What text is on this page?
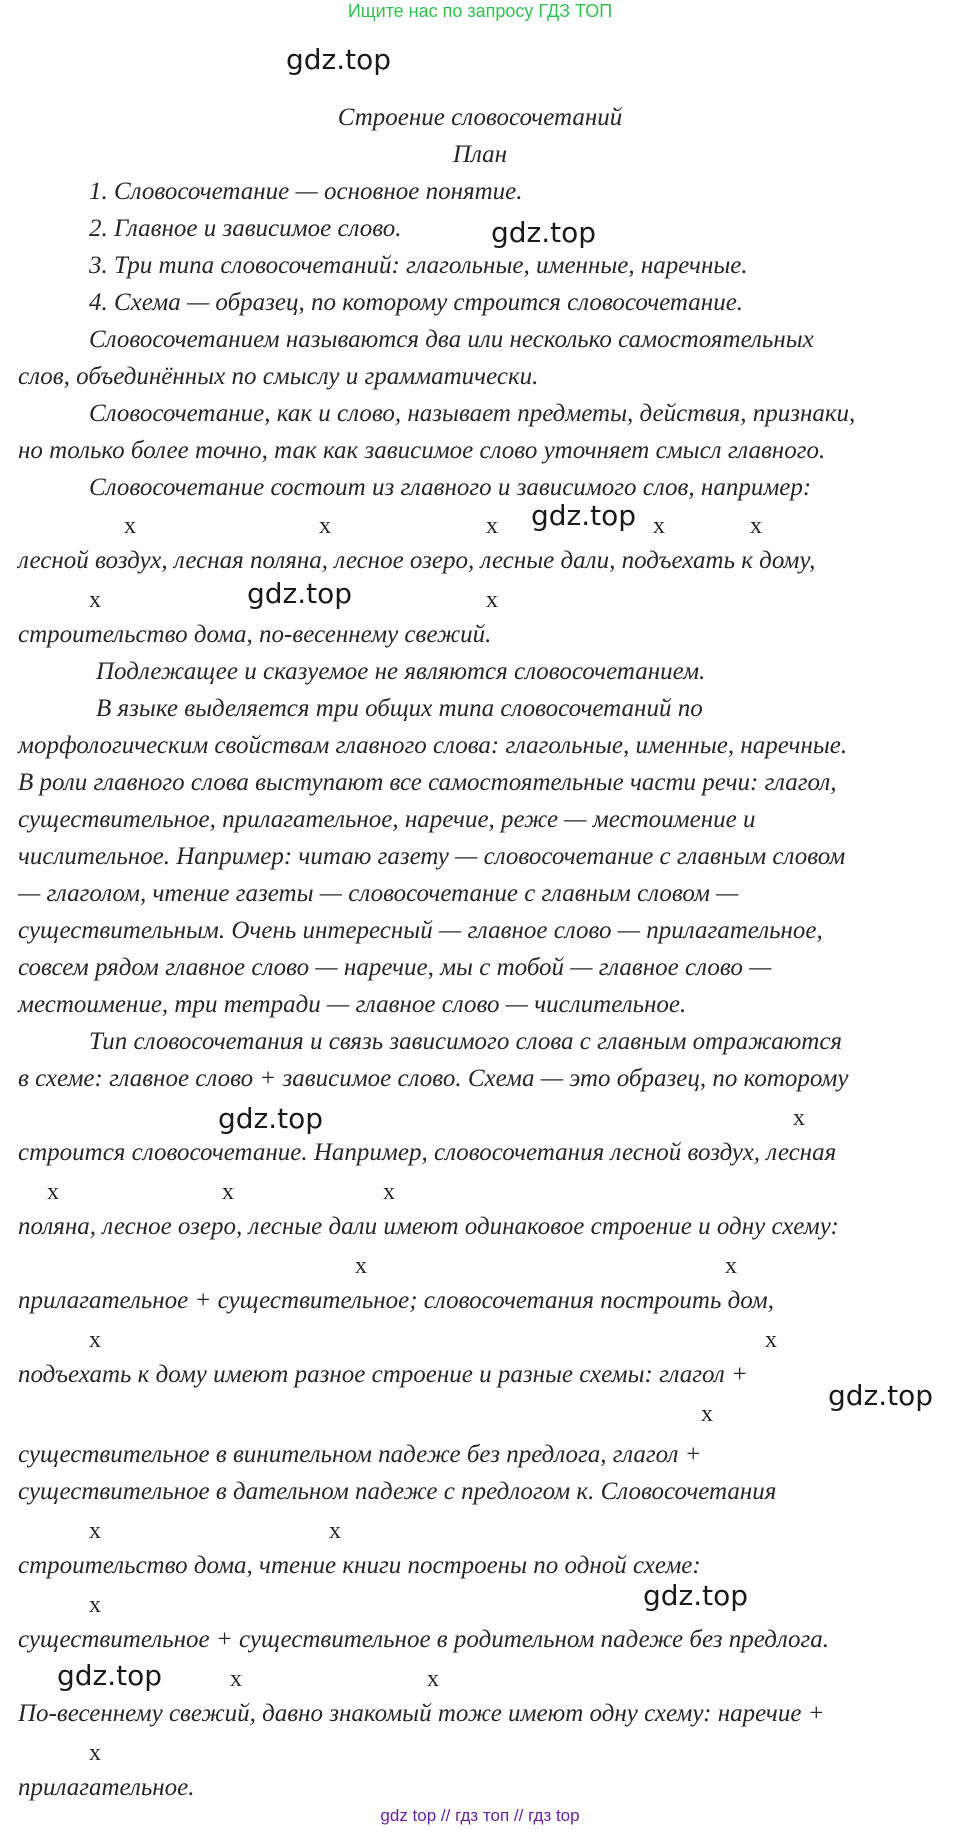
Ищите нас по запросу ГДЗ ТОП
gdz.top
gdz.top
gdz.top
gdz.top
gdz.top
gdz.top
gdz.top
gdz.top
Строение словосочетаний
План
1. Словосочетание — основное понятие.
2. Главное и зависимое слово.
3. Три типа словосочетаний: глагольные, именные, наречные.
4. Схема — образец, по которому строится словосочетание.
Словосочетанием называются два или несколько самостоятельных
слов, объединённых по смыслу и грамматически.
Словосочетание, как и слово, называет предметы, действия, признаки,
но только более точно, так как зависимое слово уточняет смысл главного.
Словосочетание состоит из главного и зависимого слов, например:
x	x	x	x	x
лесной воздух, лесная поляна, лесное озеро, лесные дали, подъехать к дому,
x	x
строительство дома, по-весеннему свежий.
Подлежащее и сказуемое не являются словосочетанием.
В языке выделяется три общих типа словосочетаний по
морфологическим свойствам главного слова: глагольные, именные, наречные.
В роли главного слова выступают все самостоятельные части речи: глагол,
существительное, прилагательное, наречие, реже — местоимение и
числительное. Например: читаю газету — словосочетание с главным словом
— глаголом, чтение газеты — словосочетание с главным словом —
существительным. Очень интересный — главное слово — прилагательное,
совсем рядом главное слово — наречие, мы с тобой — главное слово —
местоимение, три тетради — главное слово — числительное.
Тип словосочетания и связь зависимого слова с главным отражаются
в схеме: главное слово + зависимое слово. Схема — это образец, по которому
x
строится словосочетание. Например, словосочетания лесной воздух, лесная
x	x	x
поляна, лесное озеро, лесные дали имеют одинаковое строение и одну схему:
x	x
прилагательное + существительное; словосочетания построить дом,
x	x
подъехать к дому имеют разное строение и разные схемы: глагол +
x
существительное в винительном падеже без предлога, глагол +
существительное в дательном падеже с предлогом к. Словосочетания
x	x
строительство дома, чтение книги построены по одной схеме:
x
существительное + существительное в родительном падеже без предлога.
x	x
По-весеннему свежий, давно знакомый тоже имеют одну схему: наречие +
x
прилагательное.
gdz top // гдз топ // гдз top
